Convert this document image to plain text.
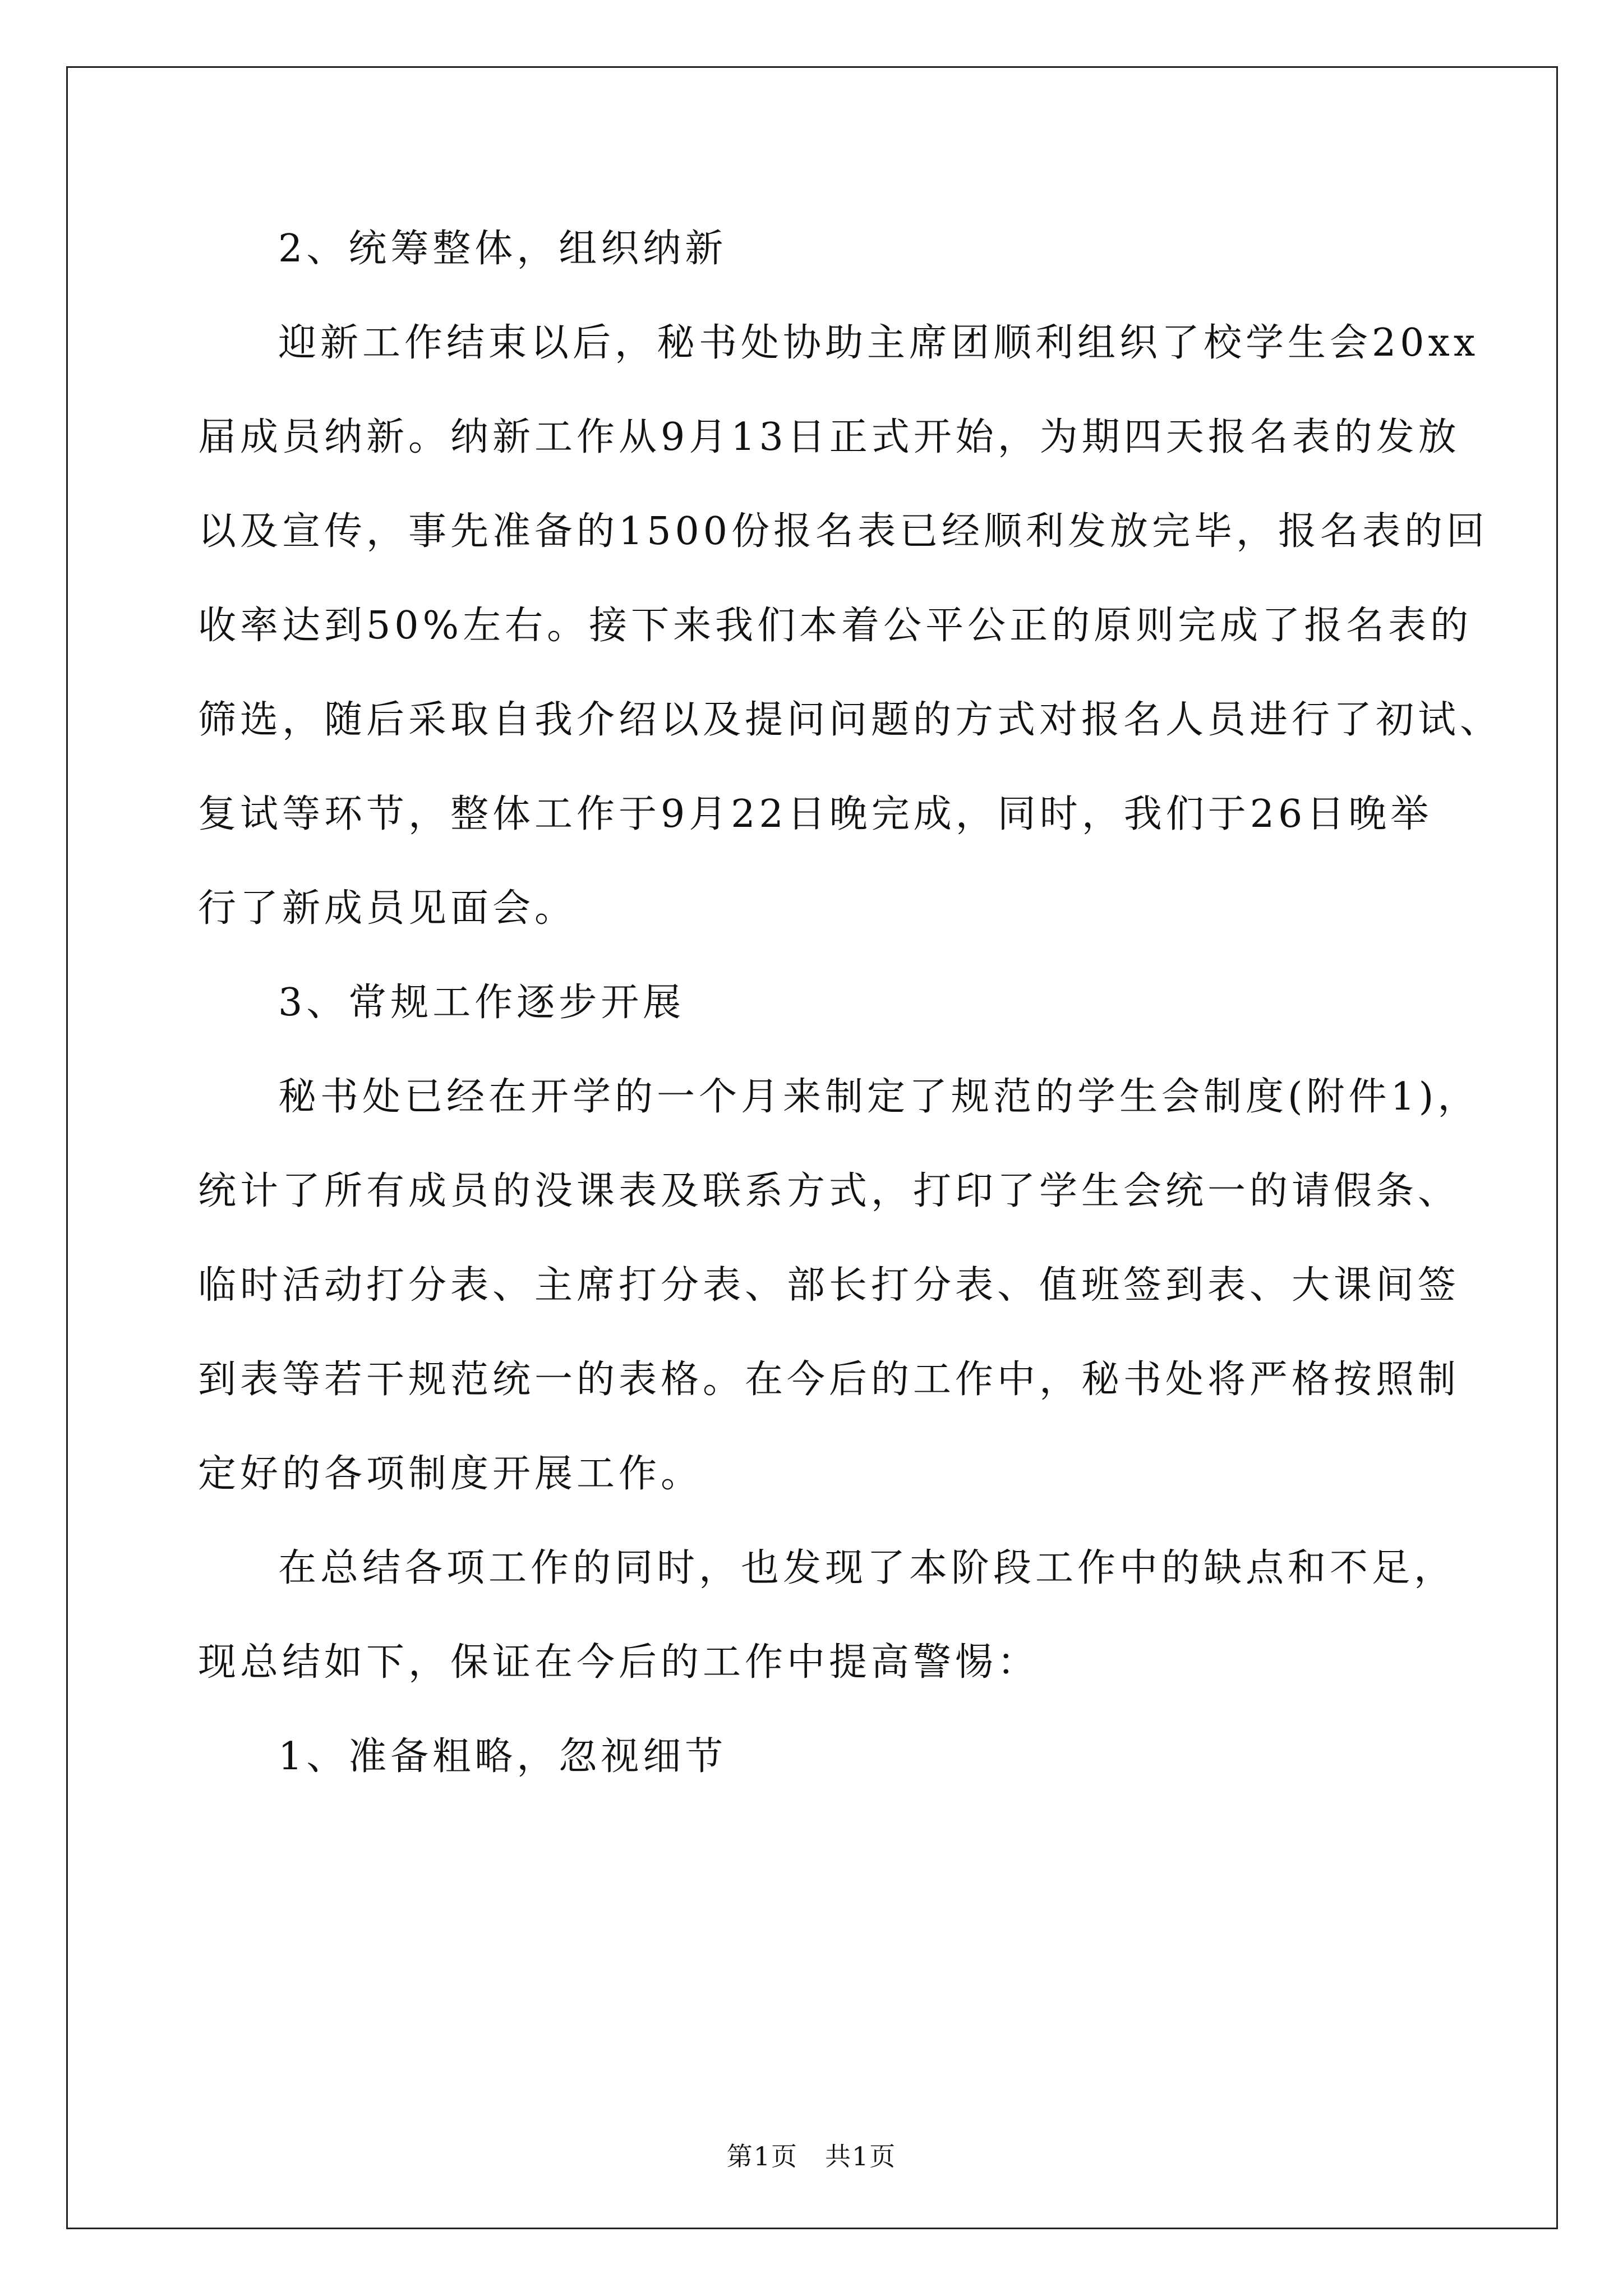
2、统筹整体，组织纳新

迎新工作结束以后，秘书处协助主席团顺利组织了校学生会20xx

届成员纳新。纳新工作从9月13日正式开始，为期四天报名表的发放

以及宣传，事先准备的1500份报名表已经顺利发放完毕，报名表的回

收率达到50%左右。接下来我们本着公平公正的原则完成了报名表的

筛选，随后采取自我介绍以及提问问题的方式对报名人员进行了初试、

复试等环节，整体工作于9月22日晚完成，同时，我们于26日晚举

行了新成员见面会。

3、常规工作逐步开展

秘书处已经在开学的一个月来制定了规范的学生会制度(附件1)，

统计了所有成员的没课表及联系方式，打印了学生会统一的请假条、

临时活动打分表、主席打分表、部长打分表、值班签到表、大课间签

到表等若干规范统一的表格。在今后的工作中，秘书处将严格按照制

定好的各项制度开展工作。

在总结各项工作的同时，也发现了本阶段工作中的缺点和不足，

现总结如下，保证在今后的工作中提高警惕：

1、准备粗略，忽视细节

第1页　共1页
